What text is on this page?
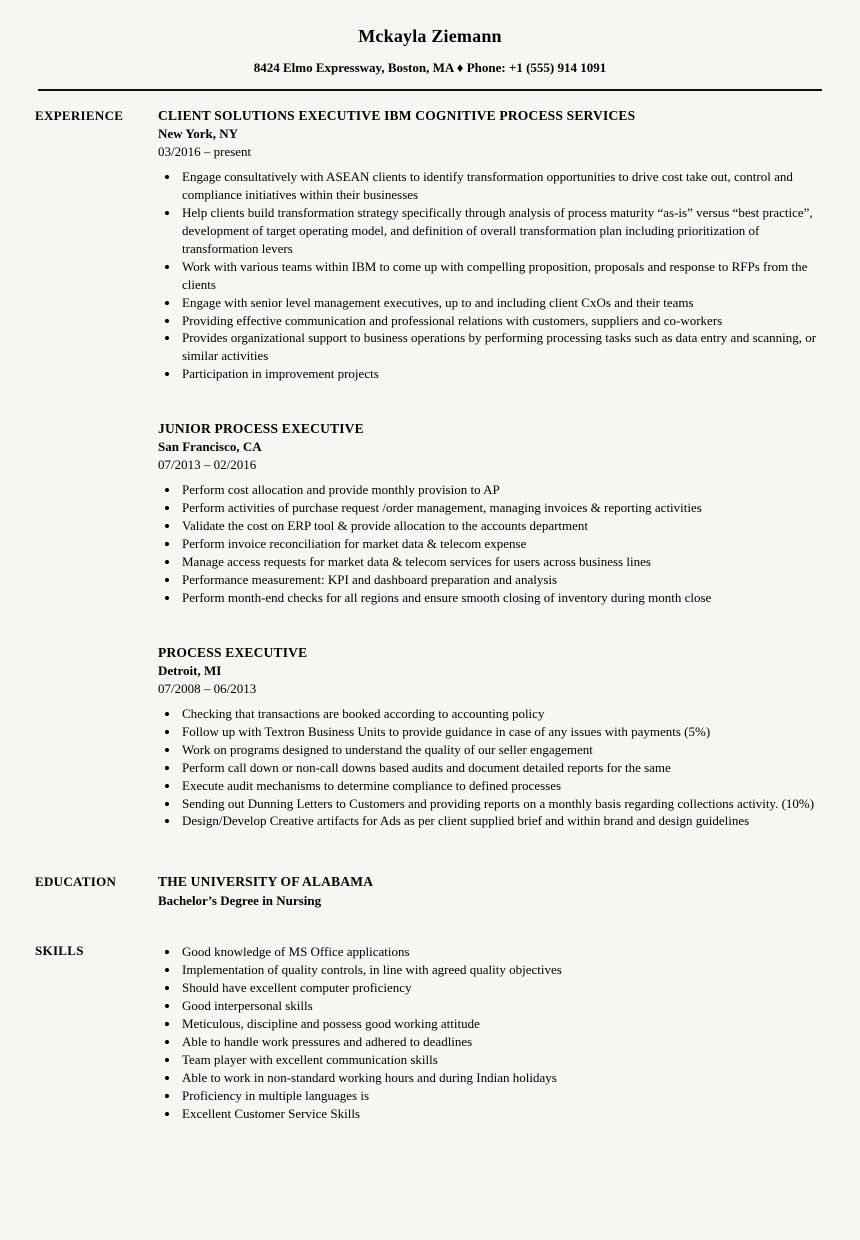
Mckayla Ziemann
8424 Elmo Expressway, Boston, MA ♦ Phone: +1 (555) 914 1091
EXPERIENCE	CLIENT SOLUTIONS EXECUTIVE IBM COGNITIVE PROCESS SERVICES
New York, NY
03/2016 – present
• Engage consultatively with ASEAN clients to identify transformation opportunities to drive cost take out, control and compliance initiatives within their businesses
• Help clients build transformation strategy specifically through analysis of process maturity “as-is” versus “best practice”, development of target operating model, and definition of overall transformation plan including prioritization of transformation levers
• Work with various teams within IBM to come up with compelling proposition, proposals and response to RFPs from the clients
• Engage with senior level management executives, up to and including client CxOs and their teams
• Providing effective communication and professional relations with customers, suppliers and co-workers
• Provides organizational support to business operations by performing processing tasks such as data entry and scanning, or similar activities
• Participation in improvement projects
JUNIOR PROCESS EXECUTIVE
San Francisco, CA
07/2013 – 02/2016
• Perform cost allocation and provide monthly provision to AP
• Perform activities of purchase request /order management, managing invoices & reporting activities
• Validate the cost on ERP tool & provide allocation to the accounts department
• Perform invoice reconciliation for market data & telecom expense
• Manage access requests for market data & telecom services for users across business lines
• Performance measurement: KPI and dashboard preparation and analysis
• Perform month-end checks for all regions and ensure smooth closing of inventory during month close
PROCESS EXECUTIVE
Detroit, MI
07/2008 – 06/2013
• Checking that transactions are booked according to accounting policy
• Follow up with Textron Business Units to provide guidance in case of any issues with payments (5%)
• Work on programs designed to understand the quality of our seller engagement
• Perform call down or non-call downs based audits and document detailed reports for the same
• Execute audit mechanisms to determine compliance to defined processes
• Sending out Dunning Letters to Customers and providing reports on a monthly basis regarding collections activity. (10%)
• Design/Develop Creative artifacts for Ads as per client supplied brief and within brand and design guidelines
EDUCATION	THE UNIVERSITY OF ALABAMA
Bachelor’s Degree in Nursing
SKILLS	• Good knowledge of MS Office applications
• Implementation of quality controls, in line with agreed quality objectives
• Should have excellent computer proficiency
• Good interpersonal skills
• Meticulous, discipline and possess good working attitude
• Able to handle work pressures and adhered to deadlines
• Team player with excellent communication skills
• Able to work in non-standard working hours and during Indian holidays
• Proficiency in multiple languages is
• Excellent Customer Service Skills
